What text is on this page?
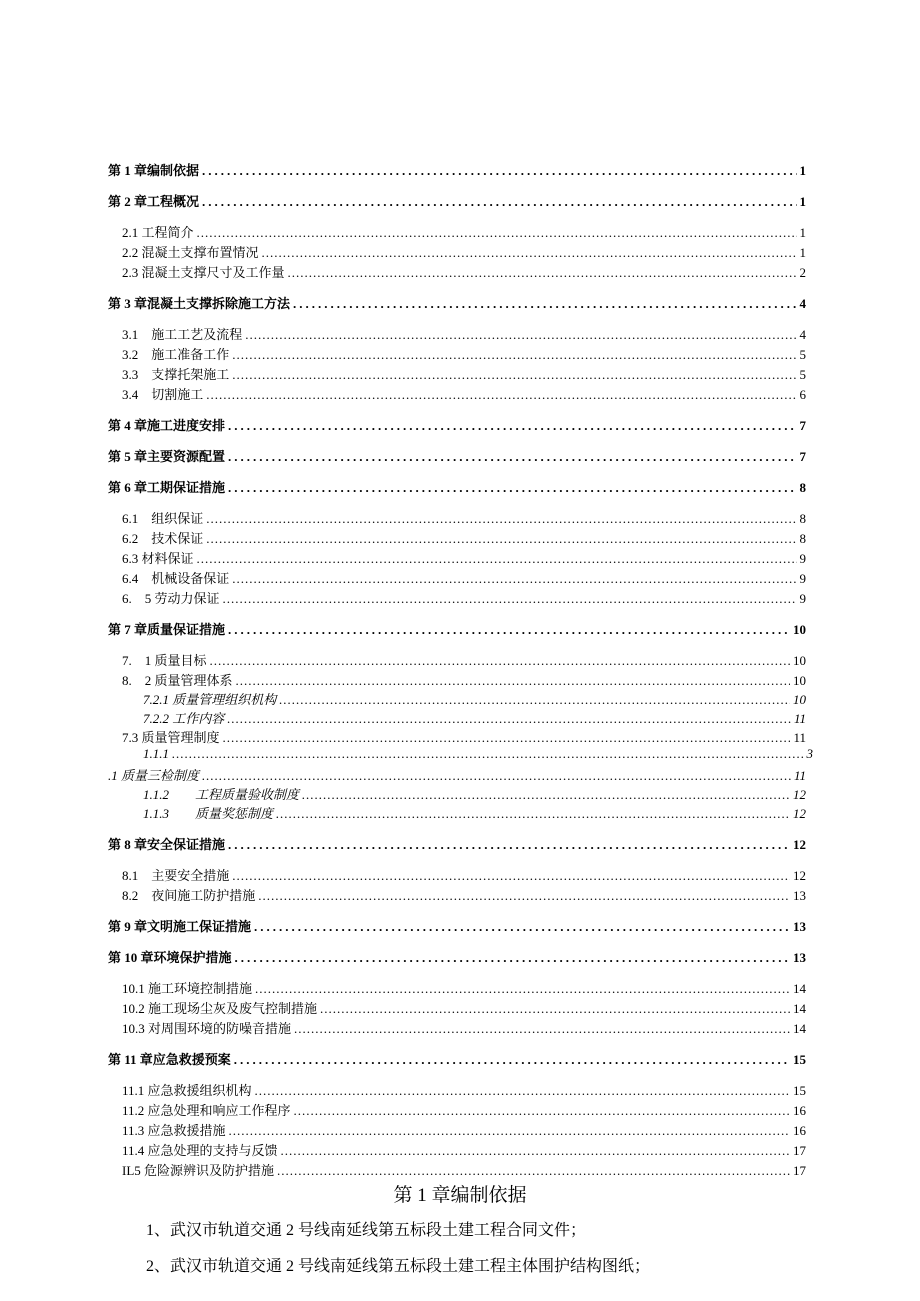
第 1 章编制依据 .....	1
第 2 章工程概况 .....	1
2.1 工程简介 .....	1
2.2 混凝土支撑布置情况 .....	1
2.3 混凝土支撑尺寸及工作量 .....	2
第 3 章混凝土支撑拆除施工方法 .....	4
3.1　施工工艺及流程 .....	4
3.2　施工准备工作 .....	5
3.3　支撑托架施工 .....	5
3.4　切割施工 .....	6
第 4 章施工进度安排 .....	7
第 5 章主要资源配置 .....	7
第 6 章工期保证措施 .....	8
6.1　组织保证 .....	8
6.2　技术保证 .....	8
6.3 材料保证 .....	9
6.4　机械设备保证 .....	9
6.　5 劳动力保证 .....	9
第 7 章质量保证措施 .....	10
7.　1 质量目标 .....	10
8.　2 质量管理体系 .....	10
7.2.1 质量管理组织机构 .....	10
7.2.2 工作内容 .....	11
7.3 质量管理制度 .....	11
1.1.1 .....	3
.1 质量三检制度 .....	11
1.1.2　　工程质量验收制度 .....	12
1.1.3　　质量奖惩制度 .....	12
第 8 章安全保证措施 .....	12
8.1　主要安全措施 .....	12
8.2　夜间施工防护措施 .....	13
第 9 章文明施工保证措施 .....	13
第 10 章环境保护措施 .....	13
10.1 施工环境控制措施 .....	14
10.2 施工现场尘灰及废气控制措施 .....	14
10.3 对周围环境的防噪音措施 .....	14
第 11 章应急救援预案 .....	15
11.1 应急救援组织机构 .....	15
11.2 应急处理和响应工作程序 .....	16
11.3 应急救援措施 .....	16
11.4 应急处理的支持与反馈 .....	17
IL5 危险源辨识及防护措施 .....	17
第 1 章编制依据
1、武汉市轨道交通 2 号线南延线第五标段土建工程合同文件；
2、武汉市轨道交通 2 号线南延线第五标段土建工程主体围护结构图纸；
